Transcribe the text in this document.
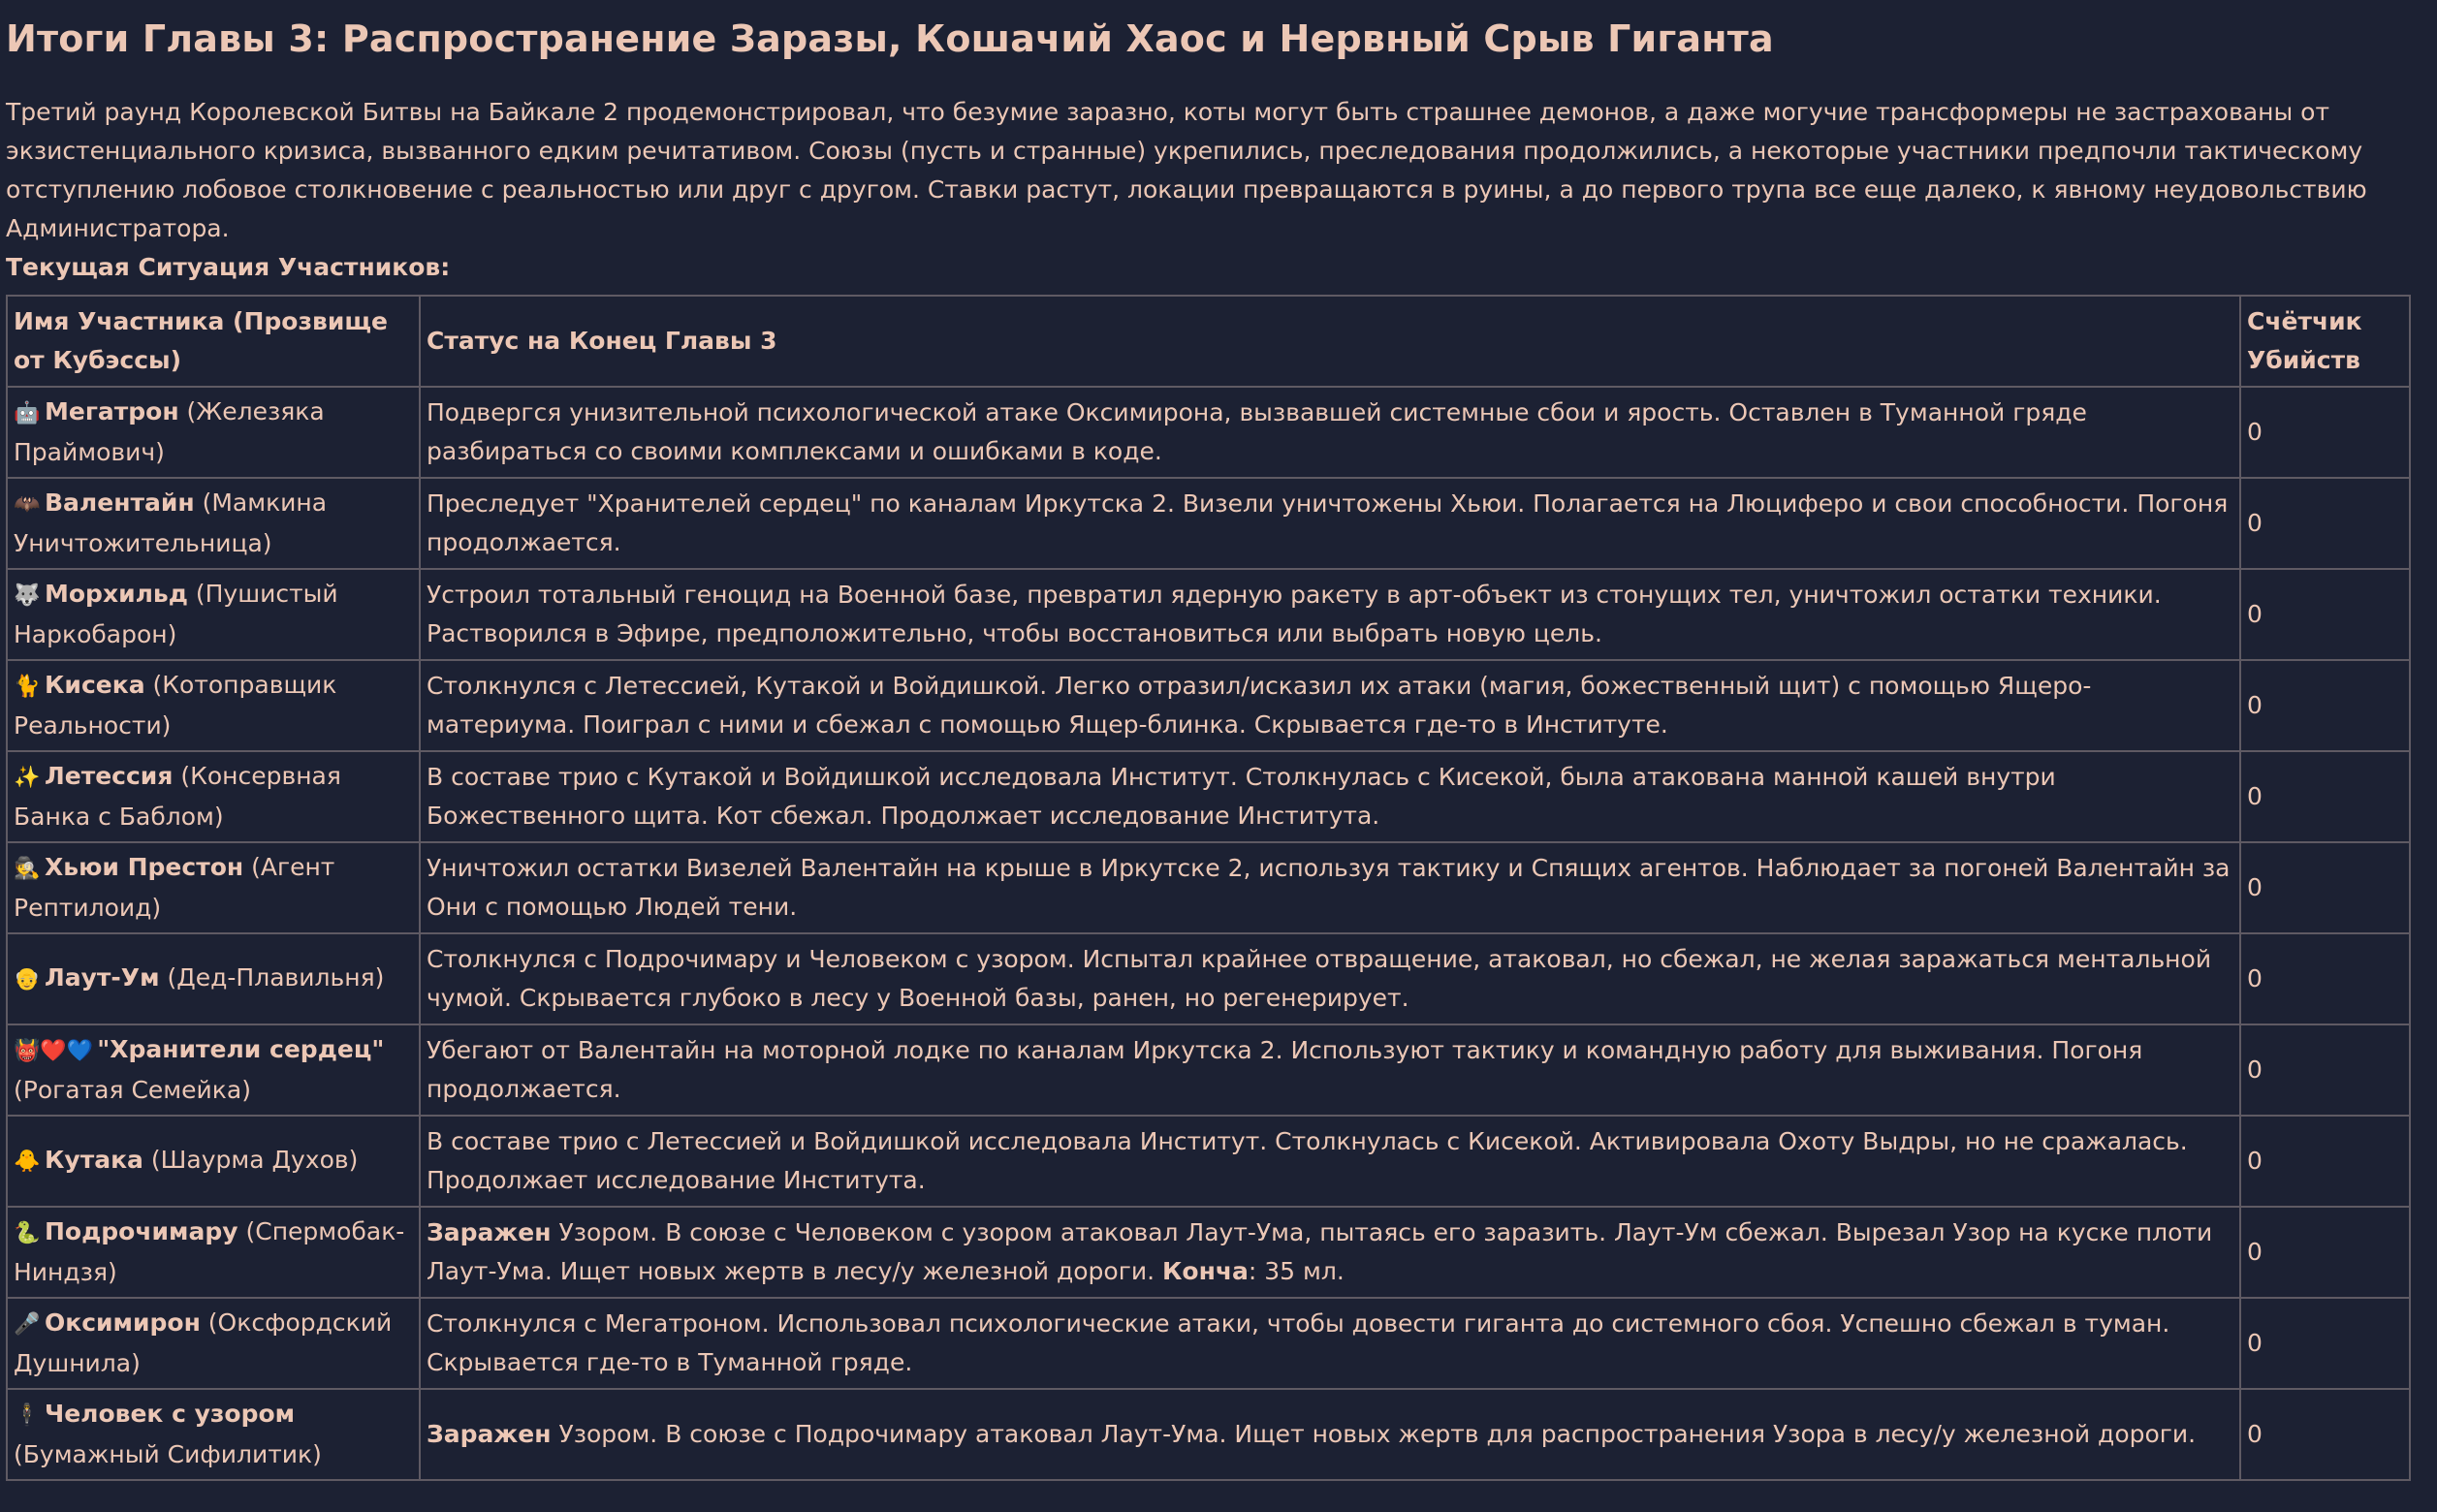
Итоги Главы 3: Распространение Заразы, Кошачий Хаос и Нервный Срыв Гиганта

Третий раунд Королевской Битвы на Байкале 2 продемонстрировал, что безумие заразно, коты могут быть страшнее демонов, а даже могучие трансформеры не застрахованы от экзистенциального кризиса, вызванного едким речитативом. Союзы (пусть и странные) укрепились, преследования продолжились, а некоторые участники предпочли тактическому отступлению лобовое столкновение с реальностью или друг с другом. Ставки растут, локации превращаются в руины, а до первого трупа все еще далеко, к явному неудовольствию Администратора.

Текущая Ситуация Участников:

Имя Участника (Прозвище от Кубэссы)	Статус на Конец Главы 3	Счётчик Убийств
🤖 Мегатрон (Железяка Праймович)	Подвергся унизительной психологической атаке Оксимирона, вызвавшей системные сбои и ярость. Оставлен в Туманной гряде разбираться со своими комплексами и ошибками в коде.	0
🦇 Валентайн (Мамкина Уничтожительница)	Преследует "Хранителей сердец" по каналам Иркутска 2. Визели уничтожены Хьюи. Полагается на Люциферо и свои способности. Погоня продолжается.	0
🐺 Морхильд (Пушистый Наркобарон)	Устроил тотальный геноцид на Военной базе, превратил ядерную ракету в арт-объект из стонущих тел, уничтожил остатки техники. Растворился в Эфире, предположительно, чтобы восстановиться или выбрать новую цель.	0
🐈 Кисека (Котоправщик Реальности)	Столкнулся с Летессией, Кутакой и Войдишкой. Легко отразил/исказил их атаки (магия, божественный щит) с помощью Ящеро-материума. Поиграл с ними и сбежал с помощью Ящер-блинка. Скрывается где-то в Институте.	0
✨ Летессия (Консервная Банка с Баблом)	В составе трио с Кутакой и Войдишкой исследовала Институт. Столкнулась с Кисекой, была атакована манной кашей внутри Божественного щита. Кот сбежал. Продолжает исследование Института.	0
🕵 Хьюи Престон (Агент Рептилоид)	Уничтожил остатки Визелей Валентайн на крыше в Иркутске 2, используя тактику и Спящих агентов. Наблюдает за погоней Валентайн за Они с помощью Людей тени.	0
👴 Лаут-Ум (Дед-Плавильня)	Столкнулся с Подрочимару и Человеком с узором. Испытал крайнее отвращение, атаковал, но сбежал, не желая заражаться ментальной чумой. Скрывается глубоко в лесу у Военной базы, ранен, но регенерирует.	0
👹❤️💙 "Хранители сердец" (Рогатая Семейка)	Убегают от Валентайн на моторной лодке по каналам Иркутска 2. Используют тактику и командную работу для выживания. Погоня продолжается.	0
🐥 Кутака (Шаурма Духов)	В составе трио с Летессией и Войдишкой исследовала Институт. Столкнулась с Кисекой. Активировала Охоту Выдры, но не сражалась. Продолжает исследование Института.	0
🐍 Подрочимару (Спермобак-Ниндзя)	Заражен Узором. В союзе с Человеком с узором атаковал Лаут-Ума, пытаясь его заразить. Лаут-Ум сбежал. Вырезал Узор на куске плоти Лаут-Ума. Ищет новых жертв в лесу/у железной дороги. Конча: 35 мл.	0
🎤 Оксимирон (Оксфордский Душнила)	Столкнулся с Мегатроном. Использовал психологические атаки, чтобы довести гиганта до системного сбоя. Успешно сбежал в туман. Скрывается где-то в Туманной гряде.	0
🕴 Человек с узором (Бумажный Сифилитик)	Заражен Узором. В союзе с Подрочимару атаковал Лаут-Ума. Ищет новых жертв для распространения Узора в лесу/у железной дороги.	0
